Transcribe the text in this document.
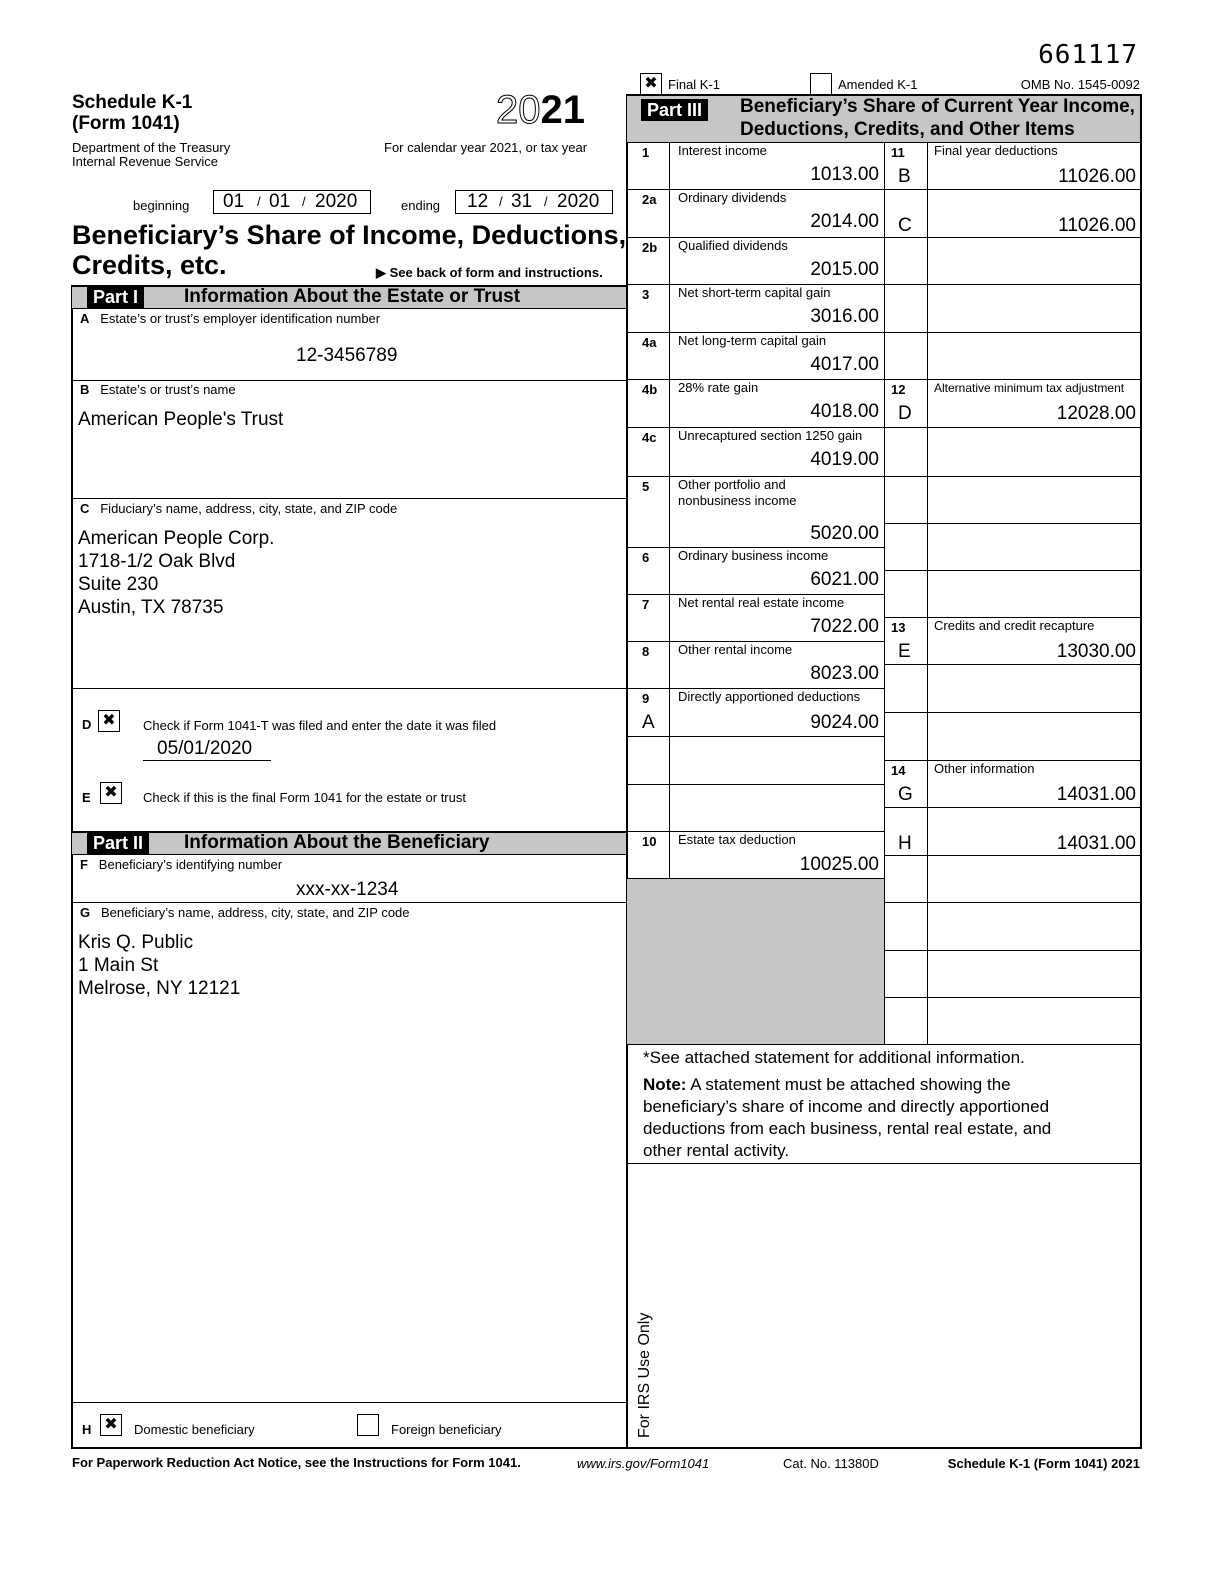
661117
✖ Final K-1	Amended K-1	OMB No. 1545-0092
Schedule K-1
(Form 1041)	2021
Department of the Treasury
Internal Revenue Service
For calendar year 2021, or tax year
beginning 01 / 01 / 2020	ending 12 / 31 / 2020
Beneficiary’s Share of Income, Deductions,
Credits, etc.	▶ See back of form and instructions.
Part I	Information About the Estate or Trust
A Estate’s or trust’s employer identification number
12-3456789
B Estate’s or trust’s name
American People's Trust
C Fiduciary’s name, address, city, state, and ZIP code
American People Corp.
1718-1/2 Oak Blvd
Suite 230
Austin, TX 78735
D ✖	Check if Form 1041-T was filed and enter the date it was filed
05/01/2020
E ✖	Check if this is the final Form 1041 for the estate or trust
Part II	Information About the Beneficiary
F Beneficiary’s identifying number
xxx-xx-1234
G Beneficiary’s name, address, city, state, and ZIP code
Kris Q. Public
1 Main St
Melrose, NY 12121
H ✖	Domestic beneficiary	Foreign beneficiary
Part III	Beneficiary’s Share of Current Year Income,
Deductions, Credits, and Other Items
1 Interest income
1013.00
2a Ordinary dividends
2014.00
2b Qualified dividends
2015.00
3 Net short-term capital gain
3016.00
4a Net long-term capital gain
4017.00
4b 28% rate gain
4018.00
4c Unrecaptured section 1250 gain
4019.00
5 Other portfolio and
nonbusiness income
5020.00
6 Ordinary business income
6021.00
7 Net rental real estate income
7022.00
8 Other rental income
8023.00
9 Directly apportioned deductions
A	9024.00
10 Estate tax deduction
10025.00
11 Final year deductions
B	11026.00
C	11026.00
12 Alternative minimum tax adjustment
D	12028.00
13 Credits and credit recapture
E	13030.00
14 Other information
G	14031.00
H	14031.00
*See attached statement for additional information.
Note: A statement must be attached showing the
beneficiary’s share of income and directly apportioned
deductions from each business, rental real estate, and
other rental activity.
For IRS Use Only
For Paperwork Reduction Act Notice, see the Instructions for Form 1041.	www.irs.gov/Form1041	Cat. No. 11380D	Schedule K-1 (Form 1041) 2021
